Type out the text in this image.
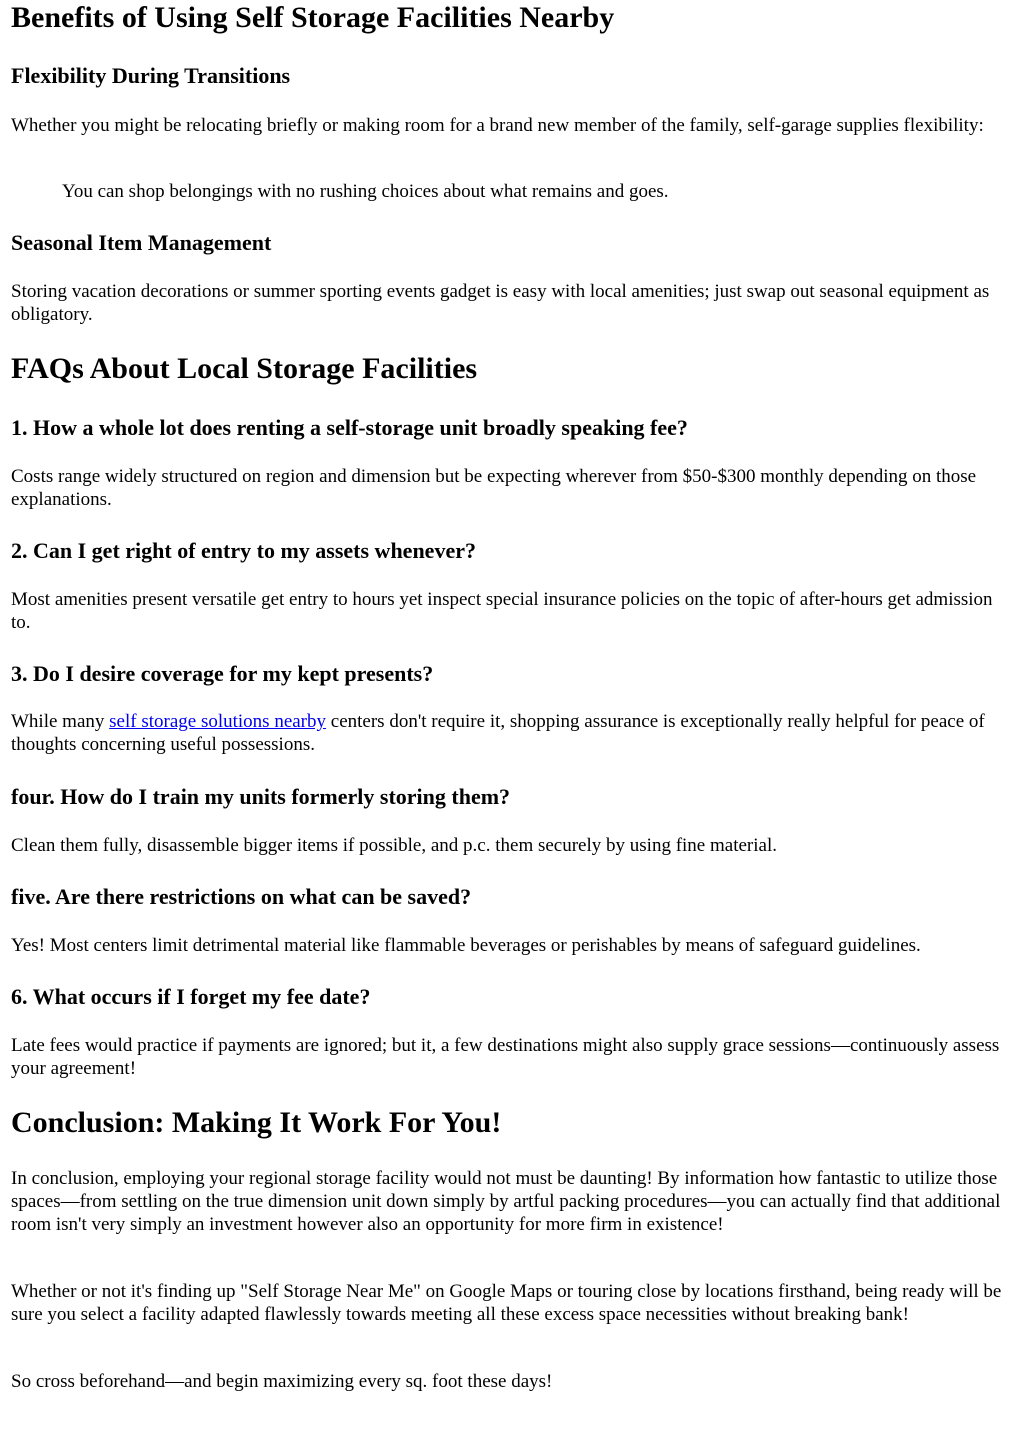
Benefits of Using Self Storage Facilities Nearby
Flexibility During Transitions

Whether you might be relocating briefly or making room for a brand new member of the family, self-garage supplies flexibility:

You can shop belongings with no rushing choices about what remains and goes.
Seasonal Item Management

Storing vacation decorations or summer sporting events gadget is easy with local amenities; just swap out seasonal equipment as obligatory.

FAQs About Local Storage Facilities
1. How a whole lot does renting a self-storage unit broadly speaking fee?

Costs range widely structured on region and dimension but be expecting wherever from $50-$300 monthly depending on those explanations.

2. Can I get right of entry to my assets whenever?

Most amenities present versatile get entry to hours yet inspect special insurance policies on the topic of after-hours get admission to.

3. Do I desire coverage for my kept presents?

While many self storage solutions nearby centers don't require it, shopping assurance is exceptionally really helpful for peace of thoughts concerning useful possessions.

four. How do I train my units formerly storing them?

Clean them fully, disassemble bigger items if possible, and p.c. them securely by using fine material.

five. Are there restrictions on what can be saved?

Yes! Most centers limit detrimental material like flammable beverages or perishables by means of safeguard guidelines.

6. What occurs if I forget my fee date?

Late fees would practice if payments are ignored; but it, a few destinations might also supply grace sessions—continuously assess your agreement!

Conclusion: Making It Work For You!

In conclusion, employing your regional storage facility would not must be daunting! By information how fantastic to utilize those spaces—from settling on the true dimension unit down simply by artful packing procedures—you can actually find that additional room isn't very simply an investment however also an opportunity for more firm in existence!

Whether or not it's finding up "Self Storage Near Me" on Google Maps or touring close by locations firsthand, being ready will be sure you select a facility adapted flawlessly towards meeting all these excess space necessities without breaking bank!

So cross beforehand—and begin maximizing every sq. foot these days!
